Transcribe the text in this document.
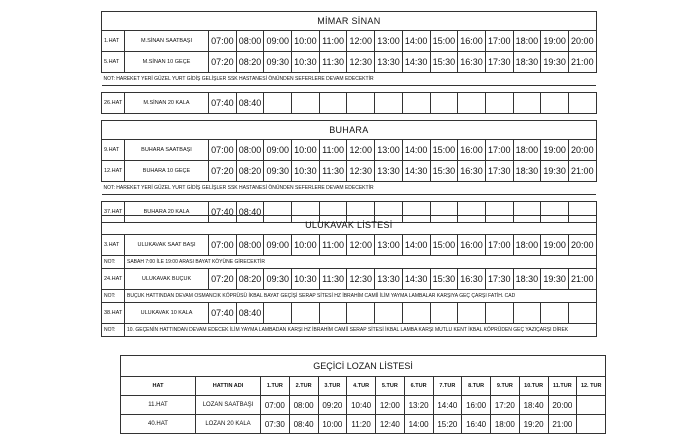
MİMAR SİNAN															
1.HAT	M.SİNAN SAATBAŞI	07:00	08:00	09:00	10:00	11:00	12:00	13:00	14:00	15:00	16:00	17:00	18:00	19:00	20:00
5.HAT	M.SİNAN 10 GEÇE	07:20	08:20	09:30	10:30	11:30	12:30	13:30	14:30	15:30	16:30	17:30	18:30	19:30	21:00
NOT: HAREKET YERİ GÜZEL YURT GİDİŞ GELİŞLER SSK HASTANESİ ÖNÜNDEN SEFERLERE DEVAM EDECEKTİR															

26.HAT	M.SİNAN 20 KALA	07:40	08:40												
BUHARA															
9.HAT	BUHARA SAATBAŞI	07:00	08:00	09:00	10:00	11:00	12:00	13:00	14:00	15:00	16:00	17:00	18:00	19:00	20:00
12.HAT	BUHARA 10 GEÇE	07:20	08:20	09:30	10:30	11:30	12:30	13:30	14:30	15:30	16:30	17:30	18:30	19:30	21:00
NOT: HAREKET YERİ GÜZEL YURT GİDİŞ GELİŞLER SSK HASTANESİ ÖNÜNDEN SEFERLERE DEVAM EDECEKTİR															

37.HAT	BUHARA 20 KALA	07:40	08:40												
ULUKAVAK LİSTESİ															
3.HAT	ULUKAVAK SAAT BAŞI	07:00	08:00	09:00	10:00	11:00	12:00	13:00	14:00	15:00	16:00	17:00	18:00	19:00	20:00
NOT:	SABAH 7:00 İLE 19:00 ARASI BAYAT KÖYÜNE GİRECEKTİR														
24.HAT	ULUKAVAK BUÇUK	07:20	08:20	09:30	10:30	11:30	12:30	13:30	14:30	15:30	16:30	17:30	18:30	19:30	21:00
NOT:	BUÇUK HATTINDAN DEVAM OSMANCIK KÖPRÜSÜ İKBAL BAYAT GEÇİŞİ SERAP SİTESİ HZ İBRAHİM CAMİİ İLİM YAYMA LAMBALAR KARŞIYA GEÇ ÇARŞI FATİH. CAD														
38.HAT	ULUKAVAK 10 KALA	07:40	08:40												
NOT:	10. GEÇENİN HATTINDAN DEVAM EDECEK İLİM YAYMA LAMBADAN KARŞI HZ İBRAHİM CAMİİ SERAP SİTESİ İKBAL LAMBA KARŞI MUTLU KENT İKBAL KÖPRÜDEN GEÇ YAZIÇARŞI DİREK														
GEÇİCİ LOZAN LİSTESİ													
HAT	HATTIN ADI	1.TUR	2.TUR	3.TUR	4.TUR	5.TUR	6.TUR	7.TUR	8.TUR	9.TUR	10.TUR	11.TUR	12. TUR
11.HAT	LOZAN SAATBAŞI	07:00	08:00	09:20	10:40	12:00	13:20	14:40	16:00	17:20	18:40	20:00	
40.HAT	LOZAN 20 KALA	07:30	08:40	10:00	11:20	12:40	14:00	15:20	16:40	18:00	19:20	21:00	
